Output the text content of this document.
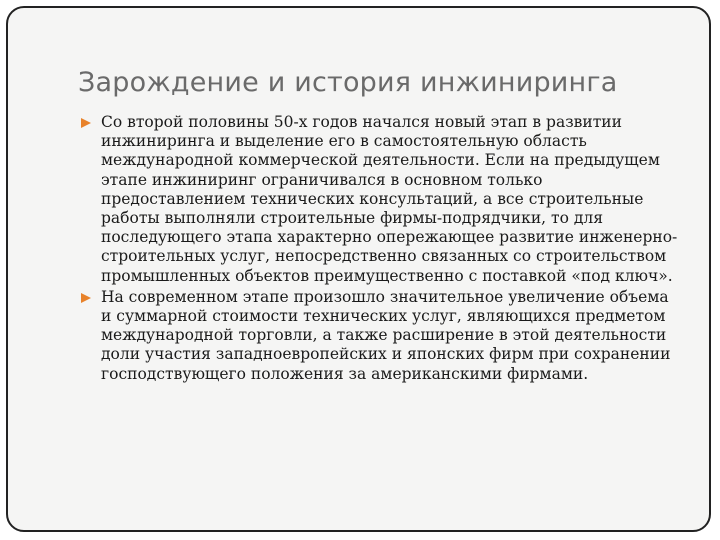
Зарождение и история инжиниринга
Со второй половины 50-х годов начался новый этап в развитии инжиниринга и выделение его в самостоятельную область международной коммерческой деятельности. Если на предыдущем этапе инжиниринг ограничивался в основном только предоставлением технических консультаций, а все строительные работы выполняли строительные фирмы-подрядчики, то для последующего этапа характерно опережающее развитие инженерно-строительных услуг, непосредственно связанных со строительством промышленных объектов преимущественно с поставкой «под ключ».
На современном этапе произошло значительное увеличение объема и суммарной стоимости технических услуг, являющихся предметом международной торговли, а также расширение в этой деятельности доли участия западноевропейских и японских фирм при сохранении господствующего положения за американскими фирмами.
